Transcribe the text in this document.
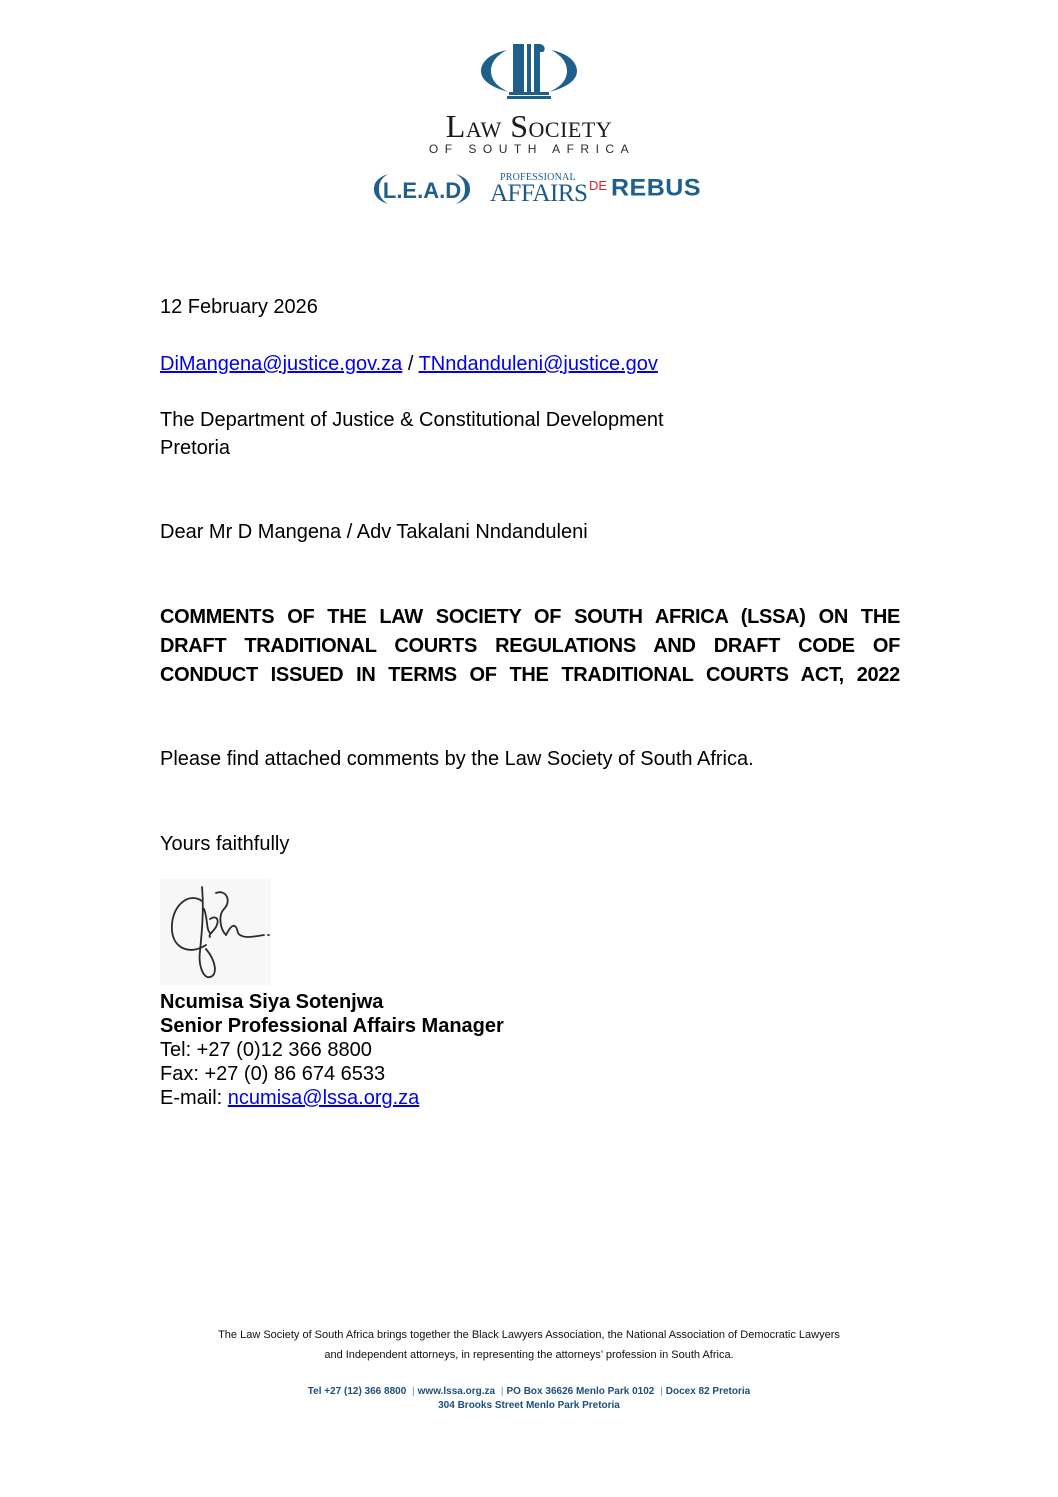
Law Society
OF SOUTH AFRICA
L.E.A.D
PROFESSIONAL
AFFAIRS DE REBUS
12 February 2026
DiMangena@justice.gov.za / TNndanduleni@justice.gov
The Department of Justice & Constitutional Development
Pretoria
Dear Mr D Mangena / Adv Takalani Nndanduleni
COMMENTS OF THE LAW SOCIETY OF SOUTH AFRICA (LSSA) ON THE
DRAFT TRADITIONAL COURTS REGULATIONS AND DRAFT CODE OF
CONDUCT ISSUED IN TERMS OF THE TRADITIONAL COURTS ACT, 2022
Please find attached comments by the Law Society of South Africa.
Yours faithfully
Ncumisa Siya Sotenjwa
Senior Professional Affairs Manager
Tel: +27 (0)12 366 8800
Fax: +27 (0) 86 674 6533
E-mail: ncumisa@lssa.org.za
The Law Society of South Africa brings together the Black Lawyers Association, the National Association of Democratic Lawyers
and Independent attorneys, in representing the attorneys’ profession in South Africa.
Tel +27 (12) 366 8800 | www.lssa.org.za | PO Box 36626 Menlo Park 0102 | Docex 82 Pretoria
304 Brooks Street Menlo Park Pretoria
